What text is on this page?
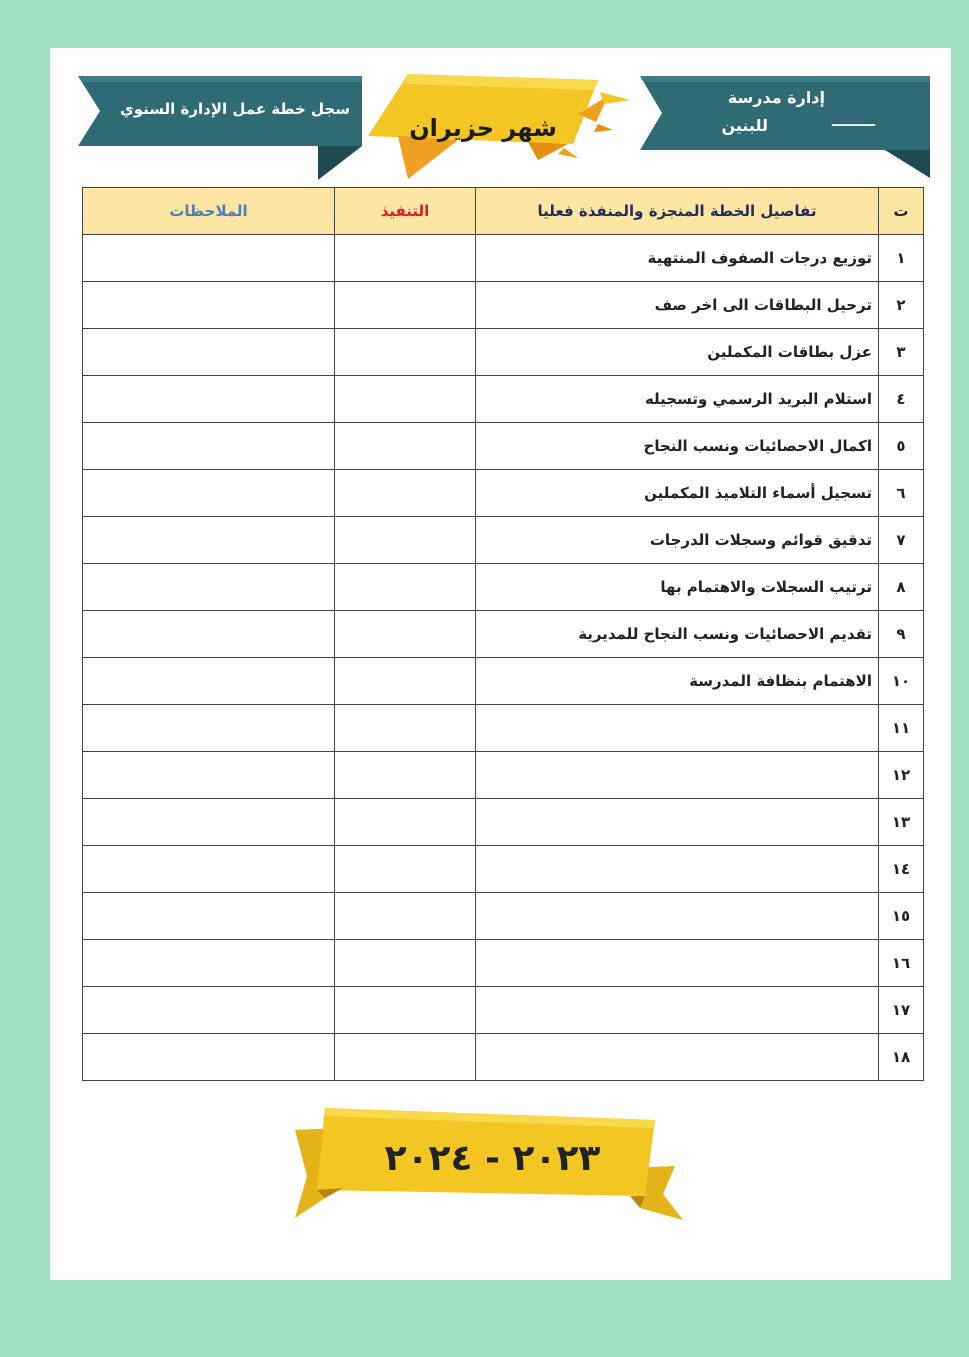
إدارة مدرسة
للبنين	ـــــــــ
شهر حزيران
سجل خطة عمل الإدارة السنوي
ت	تفاصيل الخطة المنجزة والمنفذة فعليا	التنفيذ	الملاحظات
١	توزيع درجات الصفوف المنتهية		
٢	ترحيل البطاقات الى اخر صف		
٣	عزل بطاقات المكملين		
٤	استلام البريد الرسمي وتسجيله		
٥	اكمال الاحصائيات ونسب النجاح		
٦	تسجيل أسماء التلاميذ المكملين		
٧	تدقيق قوائم وسجلات الدرجات		
٨	ترتيب السجلات والاهتمام بها		
٩	تقديم الاحصائيات ونسب النجاح للمديرية		
١٠	الاهتمام بنظافة المدرسة		
١١			
١٢			
١٣			
١٤			
١٥			
١٦			
١٧			
١٨			
٢٠٢٣ - ٢٠٢٤
